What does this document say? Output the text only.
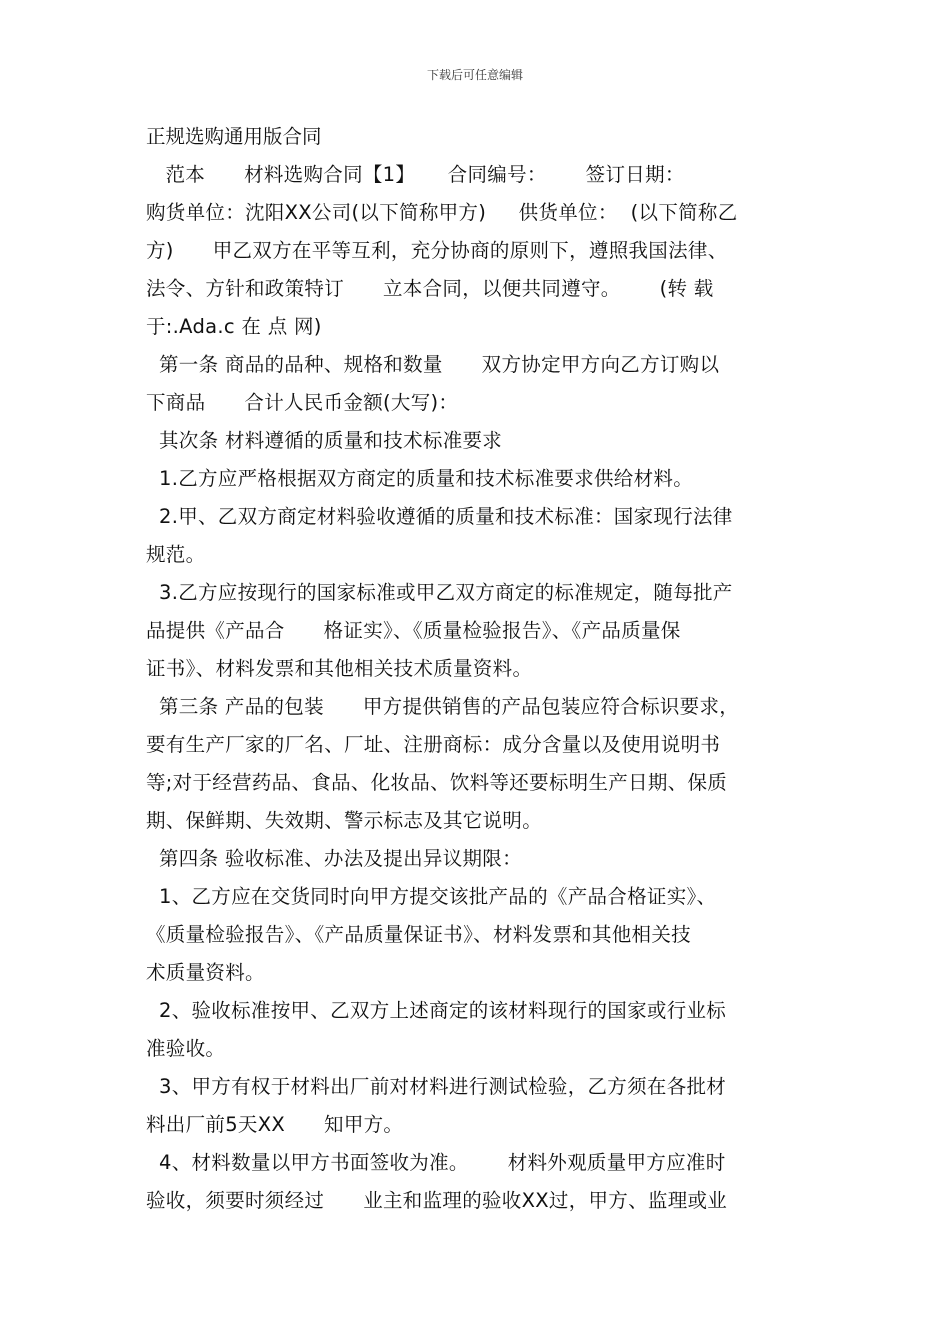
下载后可任意编辑
正规选购通用版合同
范本      材料选购合同【1】     合同编号：      签订日期：
购货单位：沈阳XX公司(以下简称甲方)     供货单位：  (以下简称乙
方)      甲乙双方在平等互利，充分协商的原则下，遵照我国法律、
法令、方针和政策特订      立本合同，以便共同遵守。      (转 载
于:.Ada.c 在 点 网)
第一条 商品的品种、规格和数量      双方协定甲方向乙方订购以
下商品      合计人民币金额(大写)：
其次条 材料遵循的质量和技术标准要求
1.乙方应严格根据双方商定的质量和技术标准要求供给材料。
2.甲、乙双方商定材料验收遵循的质量和技术标准：国家现行法律
规范。
3.乙方应按现行的国家标准或甲乙双方商定的标准规定，随每批产
品提供《产品合      格证实》、《质量检验报告》、《产品质量保
证书》、材料发票和其他相关技术质量资料。
第三条 产品的包装      甲方提供销售的产品包装应符合标识要求，
要有生产厂家的厂名、厂址、注册商标：成分含量以及使用说明书
等;对于经营药品、食品、化妆品、饮料等还要标明生产日期、保质
期、保鲜期、失效期、警示标志及其它说明。
第四条 验收标准、办法及提出异议期限：
1、乙方应在交货同时向甲方提交该批产品的《产品合格证实》、
《质量检验报告》、《产品质量保证书》、材料发票和其他相关技
术质量资料。
2、验收标准按甲、乙双方上述商定的该材料现行的国家或行业标
准验收。
3、甲方有权于材料出厂前对材料进行测试检验，乙方须在各批材
料出厂前5天XX      知甲方。
4、材料数量以甲方书面签收为准。      材料外观质量甲方应准时
验收，须要时须经过      业主和监理的验收XX过，甲方、监理或业
